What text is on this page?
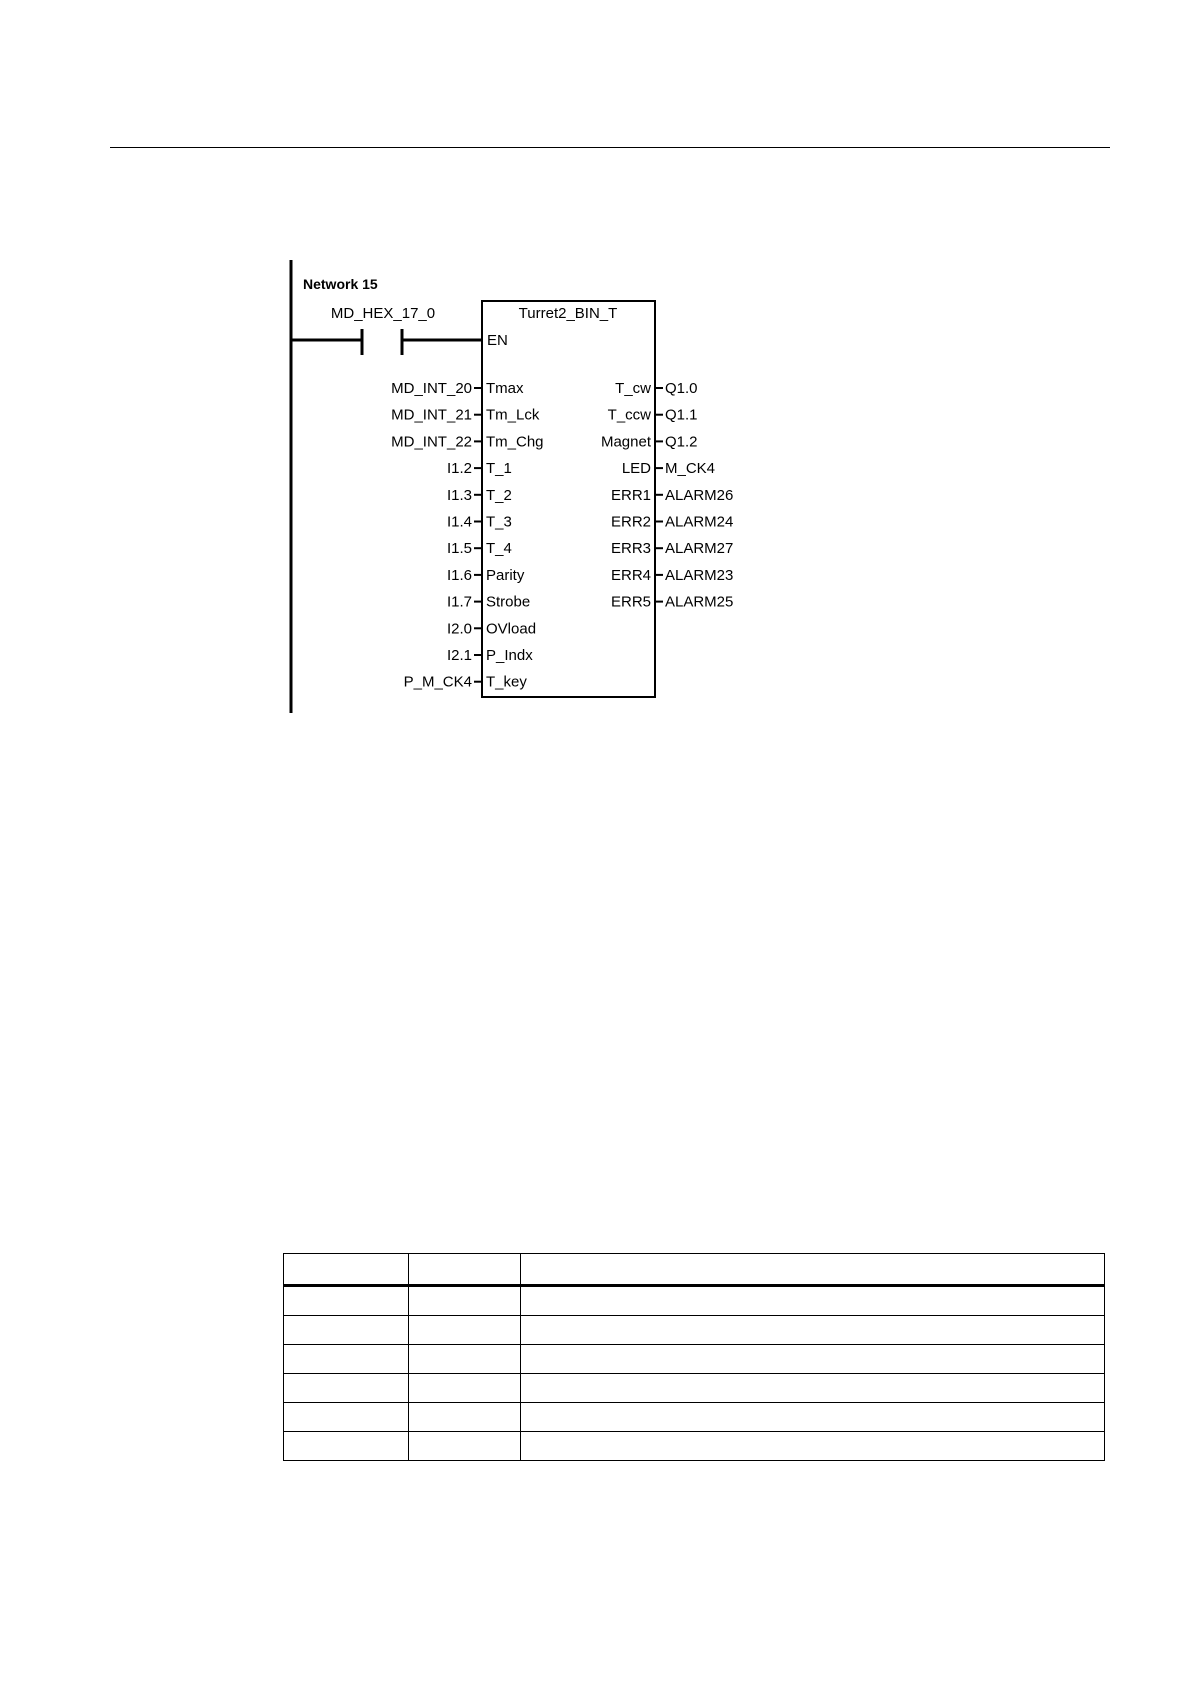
Network 15
MD_HEX_17_0	Turret2_BIN_T
EN
MD_INT_20 Tmax
MD_INT_21 Tm_Lck
MD_INT_22 Tm_Chg
I1.2 T_1
I1.3 T_2
I1.4 T_3
I1.5 T_4
I1.6 Parity
I1.7 Strobe
I2.0 OVload
I2.1 P_Indx
P_M_CK4 T_key
T_cw Q1.0
T_ccw Q1.1
Magnet Q1.2
LED M_CK4
ERR1 ALARM26
ERR2 ALARM24
ERR3 ALARM27
ERR4 ALARM23
ERR5 ALARM25
